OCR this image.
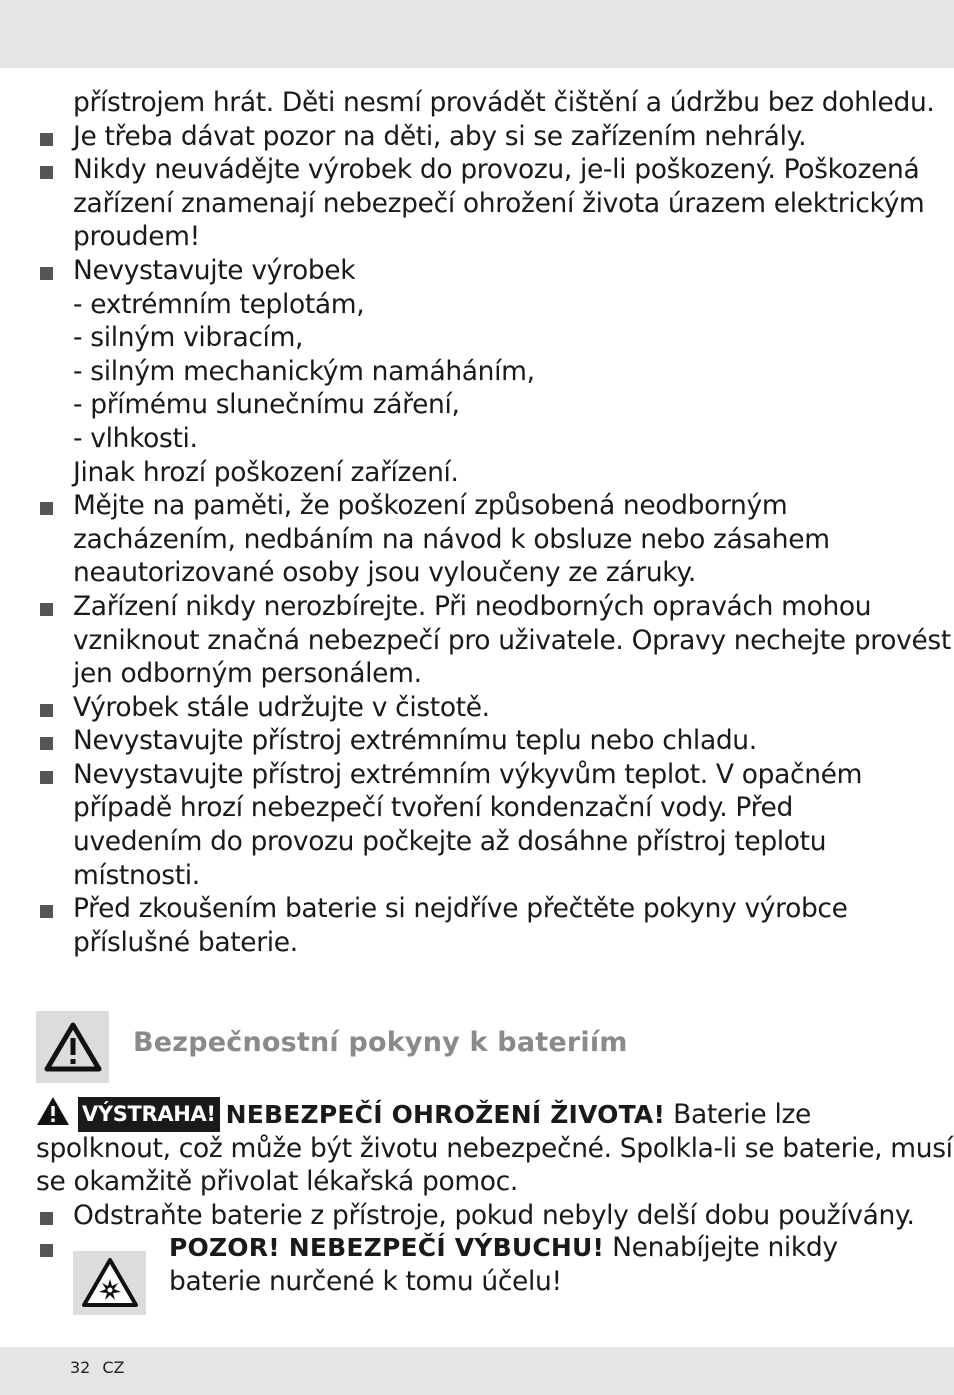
přístrojem hrát. Děti nesmí provádět čištění a údržbu bez dohledu.
Je třeba dávat pozor na děti, aby si se zařízením nehrály.
Nikdy neuvádějte výrobek do provozu, je-li poškozený. Poškozená
zařízení znamenají nebezpečí ohrožení života úrazem elektrickým
proudem!
Nevystavujte výrobek
- extrémním teplotám,
- silným vibracím,
- silným mechanickým namáháním,
- přímému slunečnímu záření,
- vlhkosti.
Jinak hrozí poškození zařízení.
Mějte na paměti, že poškození způsobená neodborným
zacházením, nedbáním na návod k obsluze nebo zásahem
neautorizované osoby jsou vyloučeny ze záruky.
Zařízení nikdy nerozbírejte. Při neodborných opravách mohou
vzniknout značná nebezpečí pro uživatele. Opravy nechejte provést
jen odborným personálem.
Výrobek stále udržujte v čistotě.
Nevystavujte přístroj extrémnímu teplu nebo chladu.
Nevystavujte přístroj extrémním výkyvům teplot. V opačném
případě hrozí nebezpečí tvoření kondenzační vody. Před
uvedením do provozu počkejte až dosáhne přístroj teplotu
místnosti.
Před zkoušením baterie si nejdříve přečtěte pokyny výrobce
příslušné baterie.
Bezpečnostní pokyny k bateriím
VÝSTRAHA! NEBEZPEČÍ OHROŽENÍ ŽIVOTA! Baterie lze
spolknout, což může být životu nebezpečné. Spolkla-li se baterie, musí
se okamžitě přivolat lékařská pomoc.
Odstraňte baterie z přístroje, pokud nebyly delší dobu používány.
POZOR! NEBEZPEČÍ VÝBUCHU! Nenabíjejte nikdy
baterie nurčené k tomu účelu!
32 CZ
